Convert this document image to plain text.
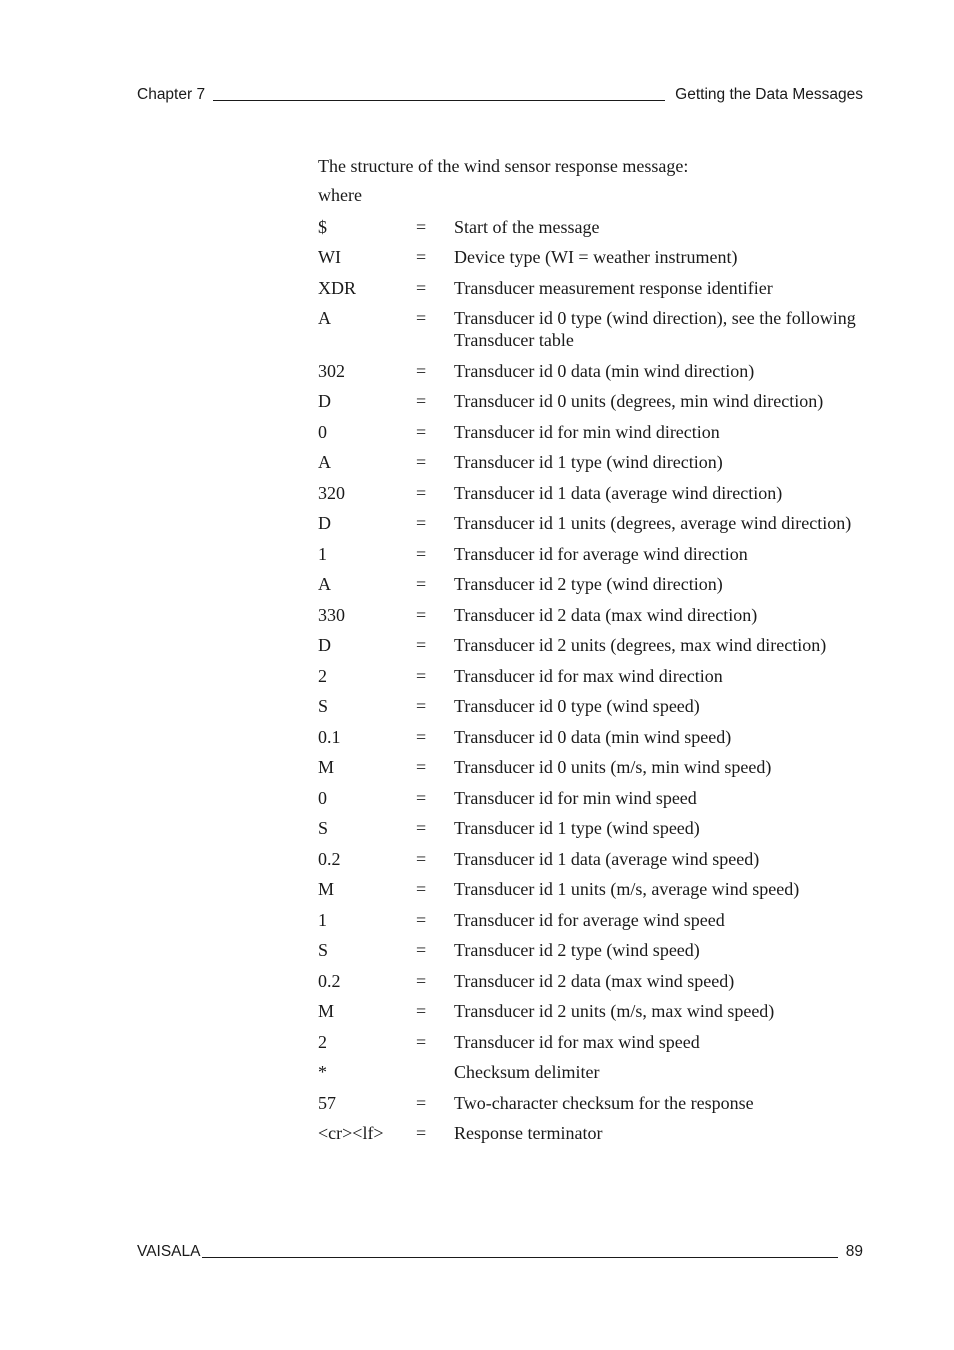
Chapter 7	Getting the Data Messages

The structure of the wind sensor response message:

where

$	=	Start of the message
WI	=	Device type (WI = weather instrument)
XDR	=	Transducer measurement response identifier
A	=	Transducer id 0 type (wind direction), see the following Transducer table
302	=	Transducer id 0 data (min wind direction)
D	=	Transducer id 0 units (degrees, min wind direction)
0	=	Transducer id for min wind direction
A	=	Transducer id 1 type (wind direction)
320	=	Transducer id 1 data (average wind direction)
D	=	Transducer id 1 units (degrees, average wind direction)
1	=	Transducer id for average wind direction
A	=	Transducer id 2 type (wind direction)
330	=	Transducer id 2 data (max wind direction)
D	=	Transducer id 2 units (degrees, max wind direction)
2	=	Transducer id for max wind direction
S	=	Transducer id 0 type (wind speed)
0.1	=	Transducer id 0 data (min wind speed)
M	=	Transducer id 0 units (m/s, min wind speed)
0	=	Transducer id for min wind speed
S	=	Transducer id 1 type (wind speed)
0.2	=	Transducer id 1 data (average wind speed)
M	=	Transducer id 1 units (m/s, average wind speed)
1	=	Transducer id for average wind speed
S	=	Transducer id 2 type (wind speed)
0.2	=	Transducer id 2 data (max wind speed)
M	=	Transducer id 2 units (m/s, max wind speed)
2	=	Transducer id for max wind speed
*	Checksum delimiter
57	=	Two-character checksum for the response
<cr><lf>	=	Response terminator
VAISALA	89
